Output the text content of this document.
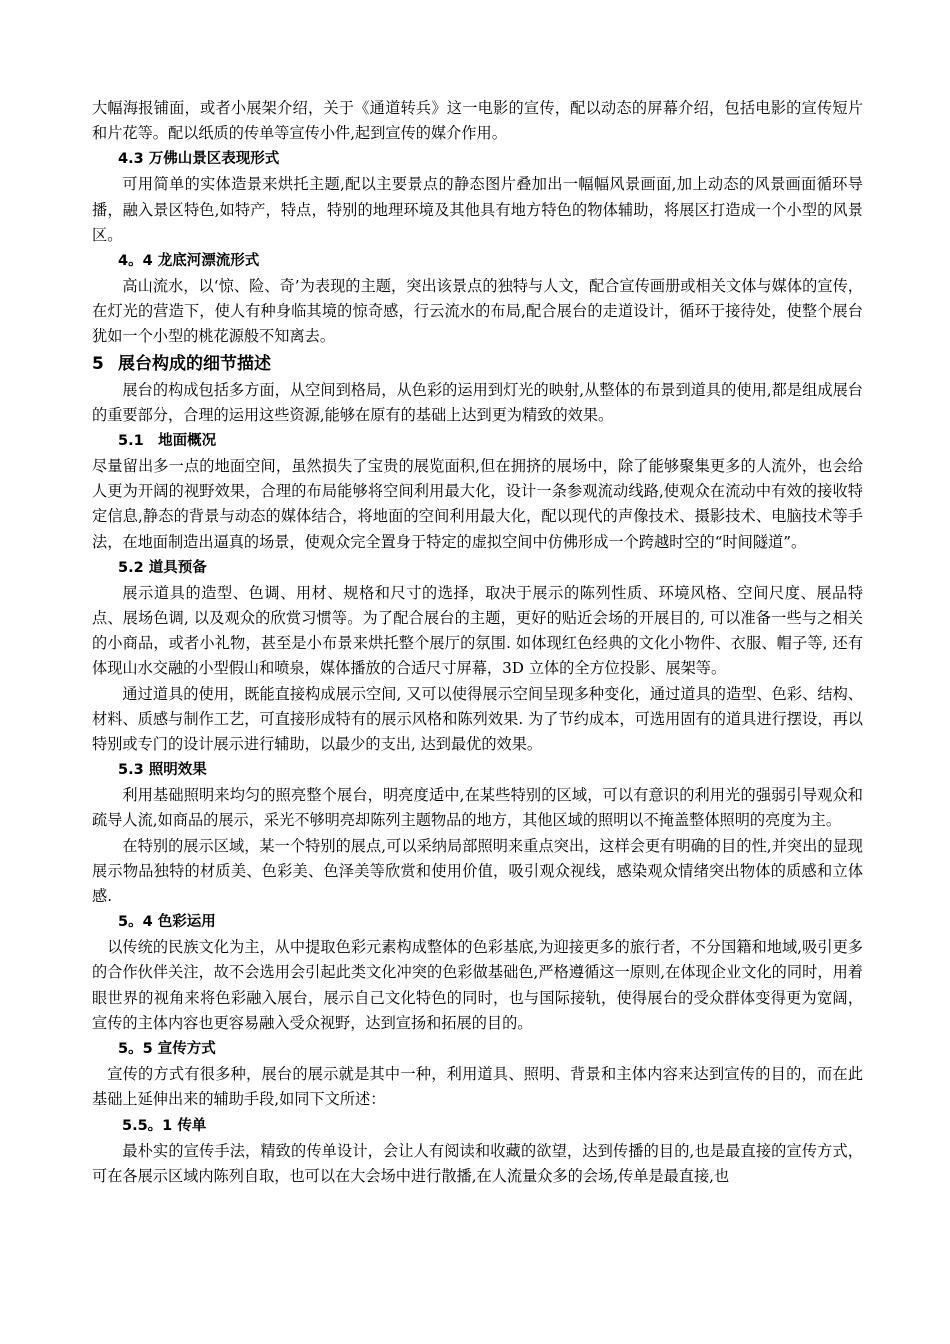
大幅海报铺面，或者小展架介绍，关于《通道转兵》这一电影的宣传，配以动态的屏幕介绍，包括电影的宣传短片和片花等。配以纸质的传单等宣传小件,起到宣传的媒介作用。

4.3 万佛山景区表现形式

可用简单的实体造景来烘托主题,配以主要景点的静态图片叠加出一幅幅风景画面,加上动态的风景画面循环导播，融入景区特色,如特产，特点，特别的地理环境及其他具有地方特色的物体辅助，将展区打造成一个小型的风景区。

4。4 龙底河漂流形式

高山流水，以‘惊、险、奇’为表现的主题，突出该景点的独特与人文，配合宣传画册或相关文体与媒体的宣传，在灯光的营造下，使人有种身临其境的惊奇感，行云流水的布局,配合展台的走道设计，循环于接待处，使整个展台犹如一个小型的桃花源般不知离去。

5 展台构成的细节描述

展台的构成包括多方面，从空间到格局，从色彩的运用到灯光的映射,从整体的布景到道具的使用,都是组成展台的重要部分，合理的运用这些资源,能够在原有的基础上达到更为精致的效果。

5.1　地面概况

尽量留出多一点的地面空间，虽然损失了宝贵的展览面积,但在拥挤的展场中，除了能够聚集更多的人流外，也会给人更为开阔的视野效果，合理的布局能够将空间利用最大化，设计一条参观流动线路,使观众在流动中有效的接收特定信息,静态的背景与动态的媒体结合，将地面的空间利用最大化，配以现代的声像技术、摄影技术、电脑技术等手法，在地面制造出逼真的场景，使观众完全置身于特定的虚拟空间中仿佛形成一个跨越时空的“时间隧道”。

5.2 道具预备

展示道具的造型、色调、用材、规格和尺寸的选择，取决于展示的陈列性质、环境风格、空间尺度、展品特点、展场色调, 以及观众的欣赏习惯等。为了配合展台的主题，更好的贴近会场的开展目的, 可以准备一些与之相关的小商品，或者小礼物，甚至是小布景来烘托整个展厅的氛围. 如体现红色经典的文化小物件、衣服、帽子等, 还有体现山水交融的小型假山和喷泉，媒体播放的合适尺寸屏幕，3D 立体的全方位投影、展架等。

通过道具的使用，既能直接构成展示空间, 又可以使得展示空间呈现多种变化，通过道具的造型、色彩、结构、材料、质感与制作工艺，可直接形成特有的展示风格和陈列效果. 为了节约成本，可选用固有的道具进行摆设，再以特别或专门的设计展示进行辅助，以最少的支出, 达到最优的效果。

5.3 照明效果

利用基础照明来均匀的照亮整个展台，明亮度适中,在某些特别的区域，可以有意识的利用光的强弱引导观众和疏导人流,如商品的展示，采光不够明亮却陈列主题物品的地方，其他区域的照明以不掩盖整体照明的亮度为主。

在特别的展示区域，某一个特别的展点,可以采纳局部照明来重点突出，这样会更有明确的目的性,并突出的显现展示物品独特的材质美、色彩美、色泽美等欣赏和使用价值，吸引观众视线，感染观众情绪突出物体的质感和立体感.

5。4 色彩运用

以传统的民族文化为主，从中提取色彩元素构成整体的色彩基底,为迎接更多的旅行者，不分国籍和地域,吸引更多的合作伙伴关注，故不会选用会引起此类文化冲突的色彩做基础色,严格遵循这一原则,在体现企业文化的同时，用着眼世界的视角来将色彩融入展台，展示自己文化特色的同时，也与国际接轨，使得展台的受众群体变得更为宽阔，宣传的主体内容也更容易融入受众视野，达到宣扬和拓展的目的。

5。5 宣传方式

宣传的方式有很多种，展台的展示就是其中一种，利用道具、照明、背景和主体内容来达到宣传的目的，而在此基础上延伸出来的辅助手段,如同下文所述：

5.5。1 传单

最朴实的宣传手法，精致的传单设计，会让人有阅读和收藏的欲望，达到传播的目的,也是最直接的宣传方式，可在各展示区域内陈列自取，也可以在大会场中进行散播,在人流量众多的会场,传单是最直接,也
